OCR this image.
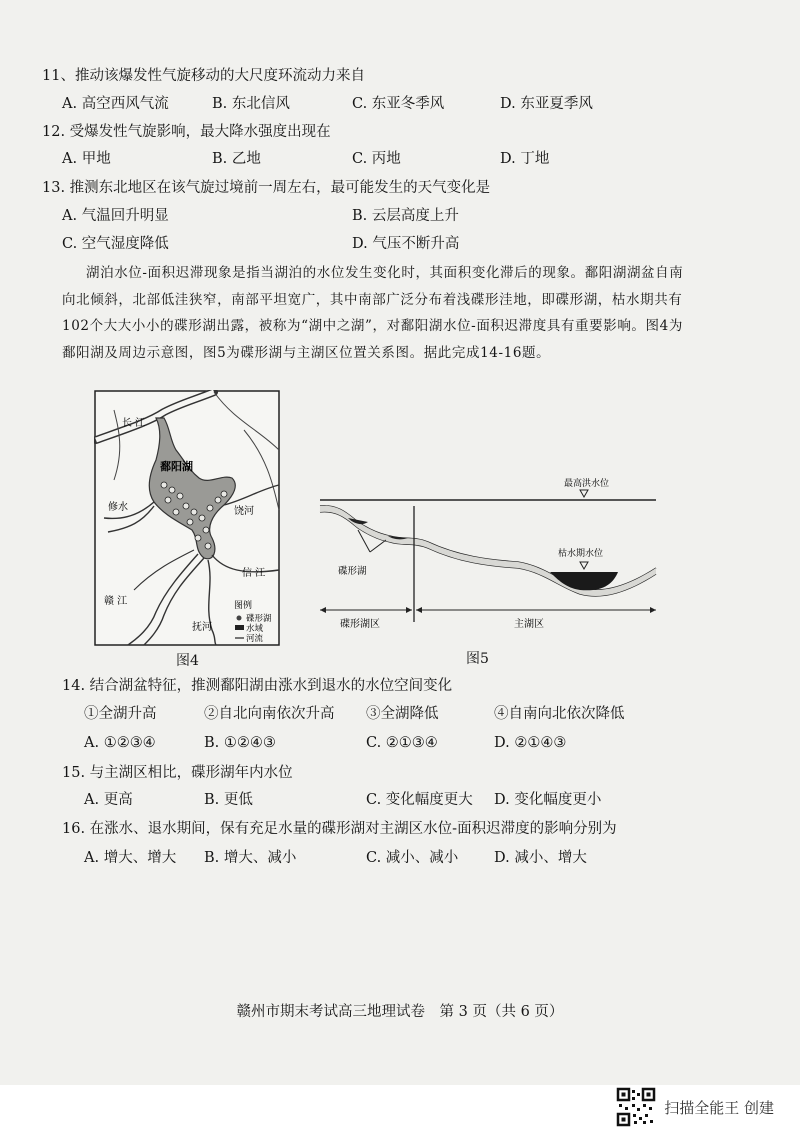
11、推动该爆发性气旋移动的大尺度环流动力来自
A. 高空西风气流	B. 东北信风	C. 东亚冬季风	D. 东亚夏季风
12. 受爆发性气旋影响，最大降水强度出现在
A. 甲地	B. 乙地	C. 丙地	D. 丁地
13. 推测东北地区在该气旋过境前一周左右，最可能发生的天气变化是
A. 气温回升明显	B. 云层高度上升
C. 空气湿度降低	D. 气压不断升高
湖泊水位-面积迟滞现象是指当湖泊的水位发生变化时，其面积变化滞后的现象。鄱阳湖湖盆自南向北倾斜，北部低洼狭窄，南部平坦宽广，其中南部广泛分布着浅碟形洼地，即碟形湖，枯水期共有102个大大小小的碟形湖出露，被称为“湖中之湖”，对鄱阳湖水位-面积迟滞度具有重要影响。图4为鄱阳湖及周边示意图，图5为碟形湖与主湖区位置关系图。据此完成14-16题。
长 江
鄱阳湖
修水	饶河
信 江
赣 江
抚河
图例
碟形湖
水域
河流
图4
最高洪水位
枯水期水位
碟形湖
碟形湖区	主湖区
图5
14. 结合湖盆特征，推测鄱阳湖由涨水到退水的水位空间变化
①全湖升高	②自北向南依次升高 ③全湖降低	④自南向北依次降低
A. ①②③④	B. ①②④③	C. ②①③④	D. ②①④③
15. 与主湖区相比，碟形湖年内水位
A. 更高	B. 更低	C. 变化幅度更大 D. 变化幅度更小
16. 在涨水、退水期间，保有充足水量的碟形湖对主湖区水位-面积迟滞度的影响分别为
A. 增大、增大 B. 增大、减小	C. 减小、减小 D. 减小、增大
赣州市期末考试高三地理试卷　第 3 页（共 6 页）
扫描全能王 创建
